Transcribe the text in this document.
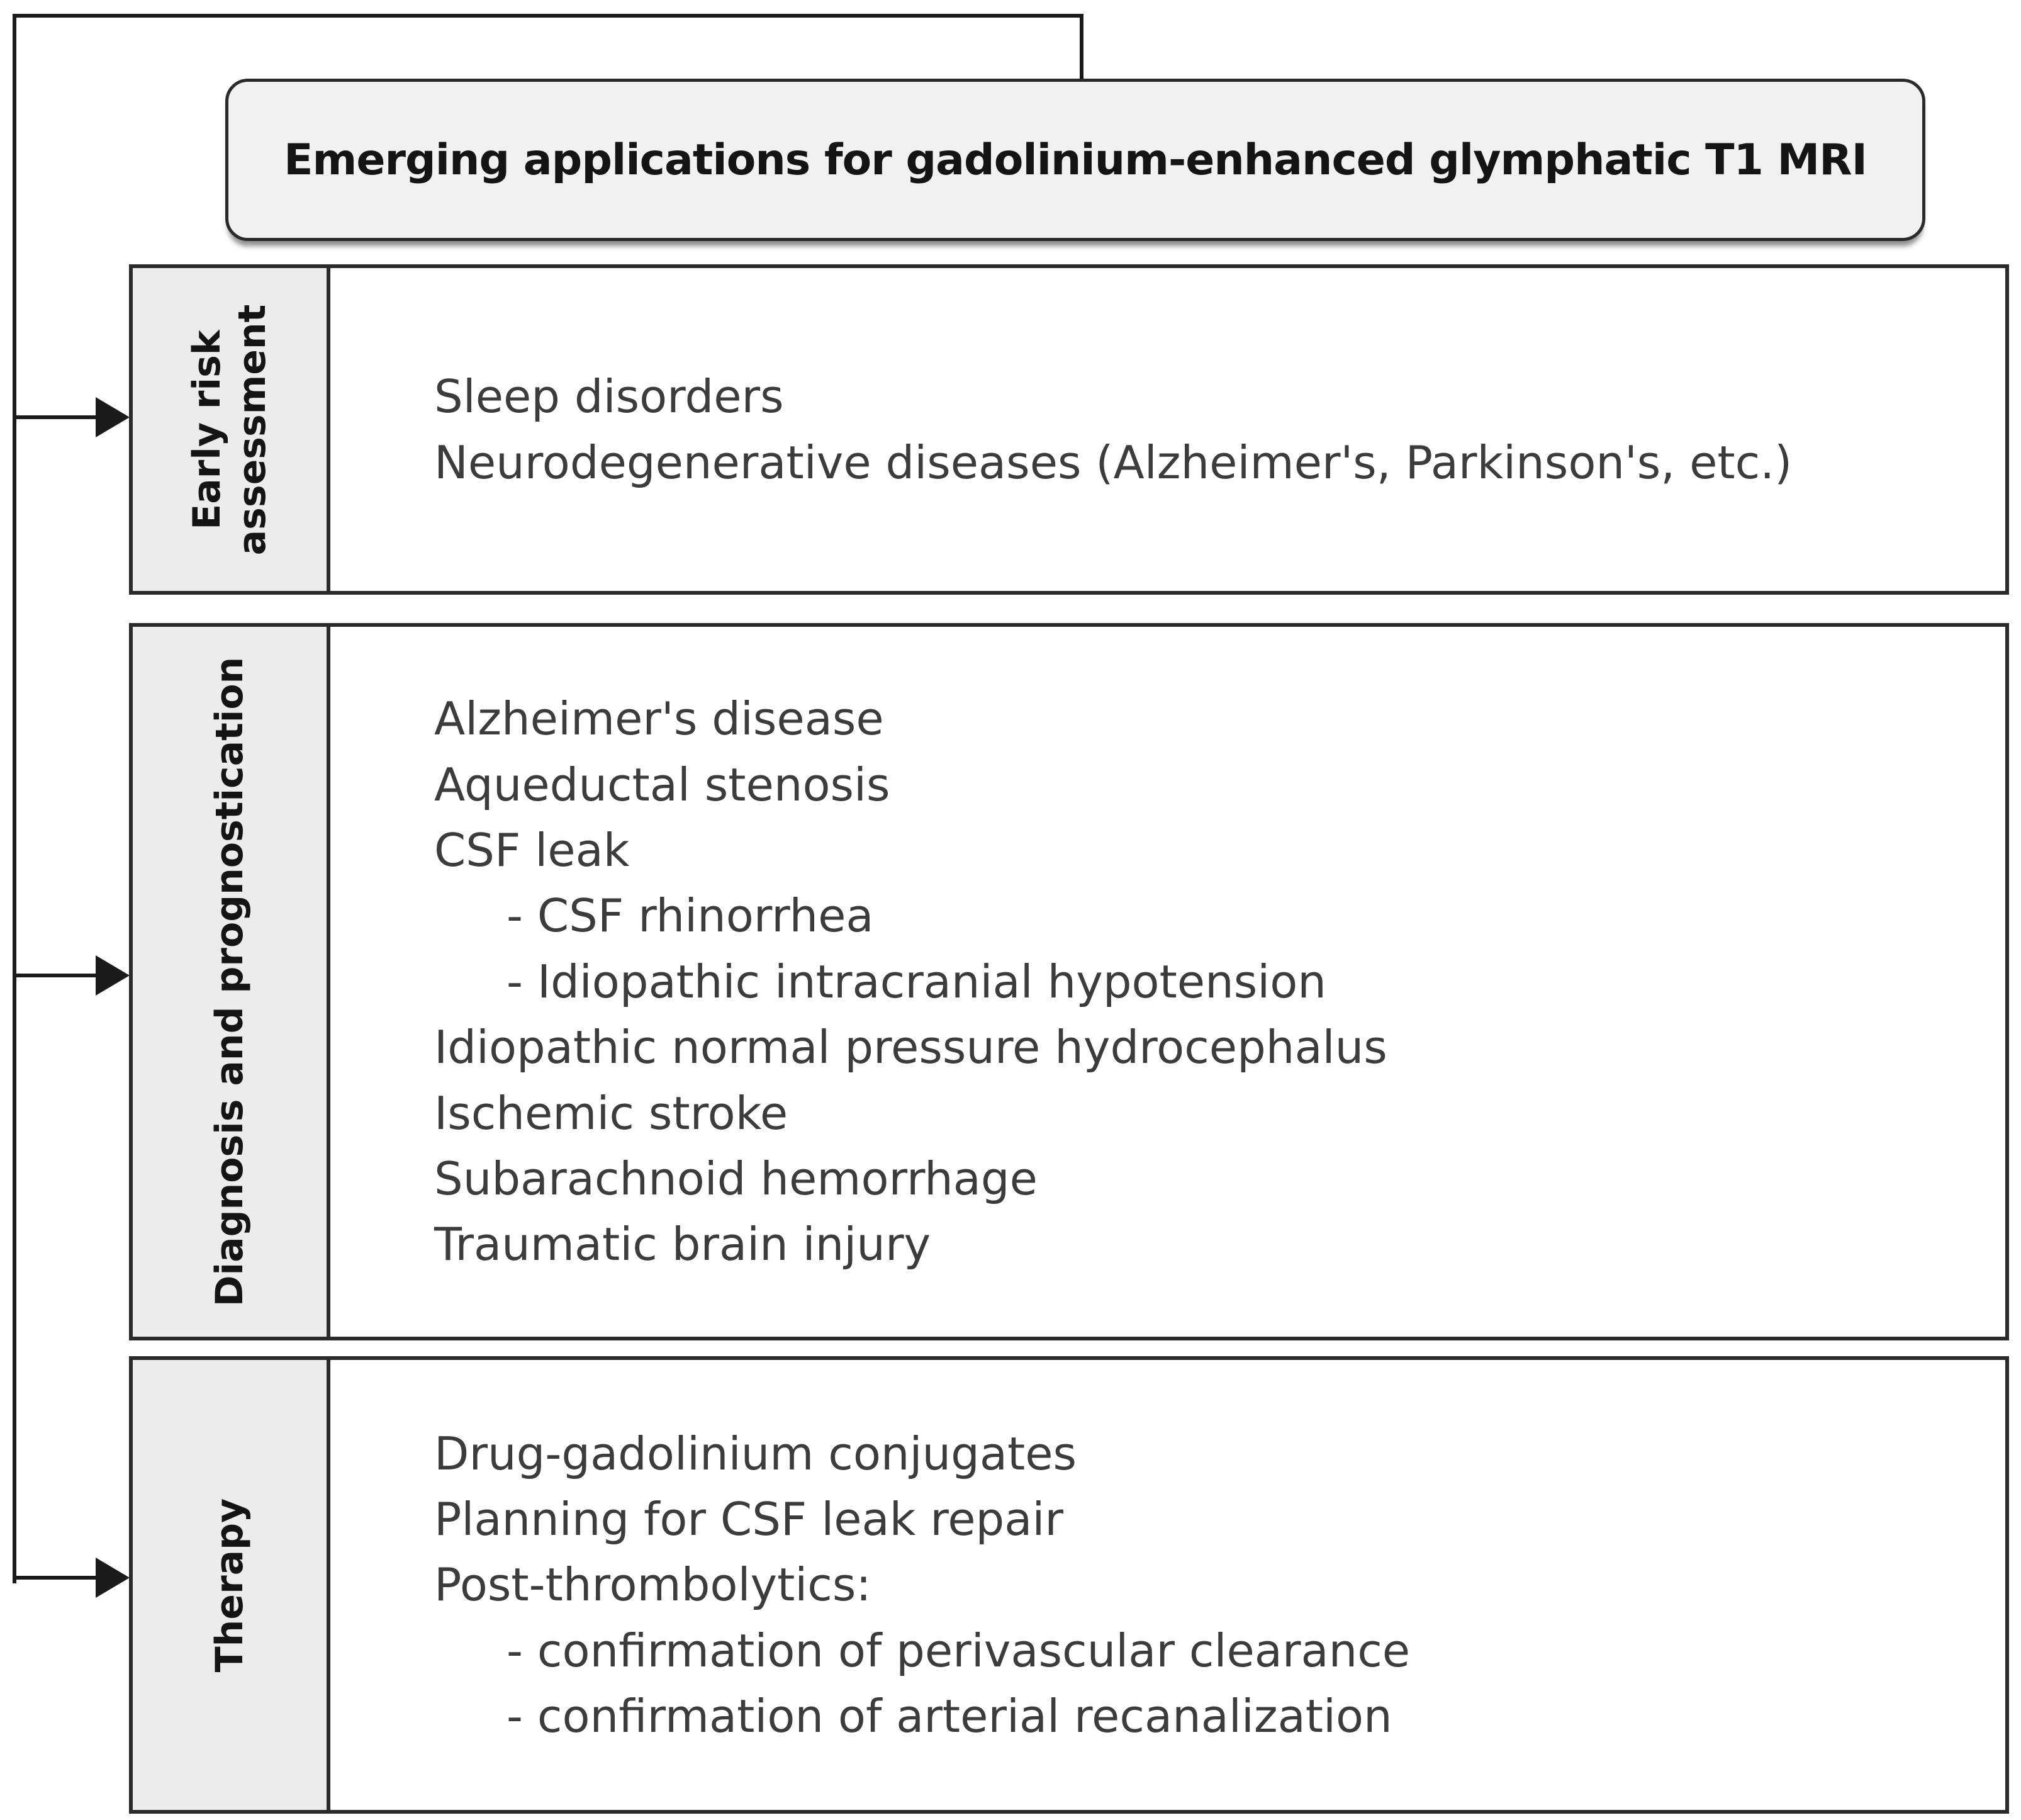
Emerging applications for gadolinium-enhanced glymphatic T1 MRI
Early risk
assessment	Sleep disorders
Neurodegenerative diseases (Alzheimer's, Parkinson's, etc.)
Diagnosis and prognostication	Alzheimer's disease
Aqueductal stenosis
CSF leak
- CSF rhinorrhea
- Idiopathic intracranial hypotension
Idiopathic normal pressure hydrocephalus
Ischemic stroke
Subarachnoid hemorrhage
Traumatic brain injury
Therapy
Drug-gadolinium conjugates
Planning for CSF leak repair
Post-thrombolytics:
- confirmation of perivascular clearance
- confirmation of arterial recanalization
